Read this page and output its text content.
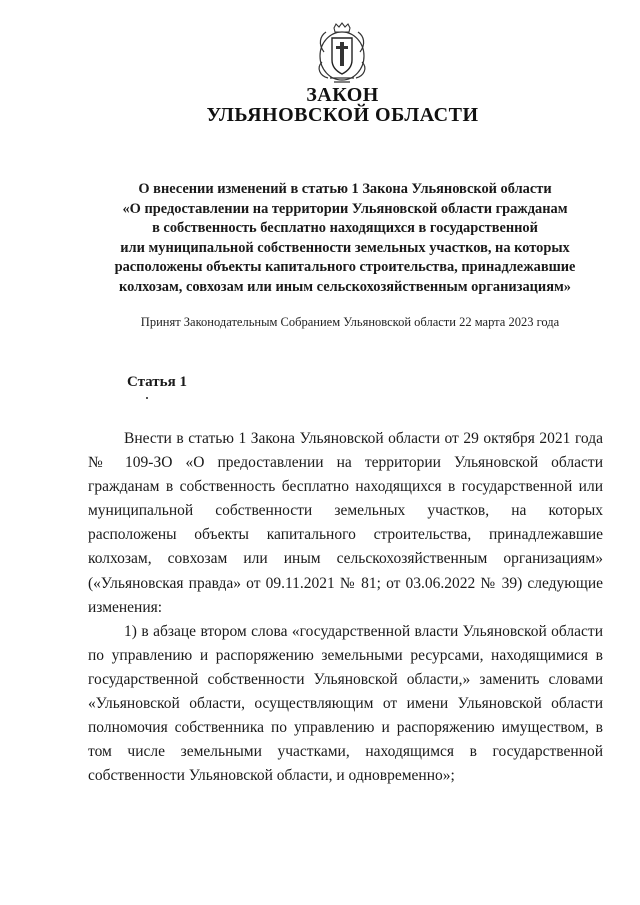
ЗАКОН
УЛЬЯНОВСКОЙ ОБЛАСТИ
О внесении изменений в статью 1 Закона Ульяновской области
«О предоставлении на территории Ульяновской области гражданам
в собственность бесплатно находящихся в государственной
или муниципальной собственности земельных участков, на которых
расположены объекты капитального строительства, принадлежавшие
колхозам, совхозам или иным сельскохозяйственным организациям»
Принят Законодательным Собранием Ульяновской области 22 марта 2023 года
Статья 1

Внести в статью 1 Закона Ульяновской области от 29 октября 2021 года № 109-ЗО «О предоставлении на территории Ульяновской области гражданам в собственность бесплатно находящихся в государственной или муниципальной собственности земельных участков, на которых расположены объекты капитального строительства, принадлежавшие колхозам, совхозам или иным сельскохозяйственным организациям» («Ульяновская правда» от 09.11.2021 № 81; от 03.06.2022 № 39) следующие изменения:

1) в абзаце втором слова «государственной власти Ульяновской области по управлению и распоряжению земельными ресурсами, находящимися в государственной собственности Ульяновской области,» заменить словами «Ульяновской области, осуществляющим от имени Ульяновской области полномочия собственника по управлению и распоряжению имуществом, в том числе земельными участками, находящимся в государственной собственности Ульяновской области, и одновременно»;
